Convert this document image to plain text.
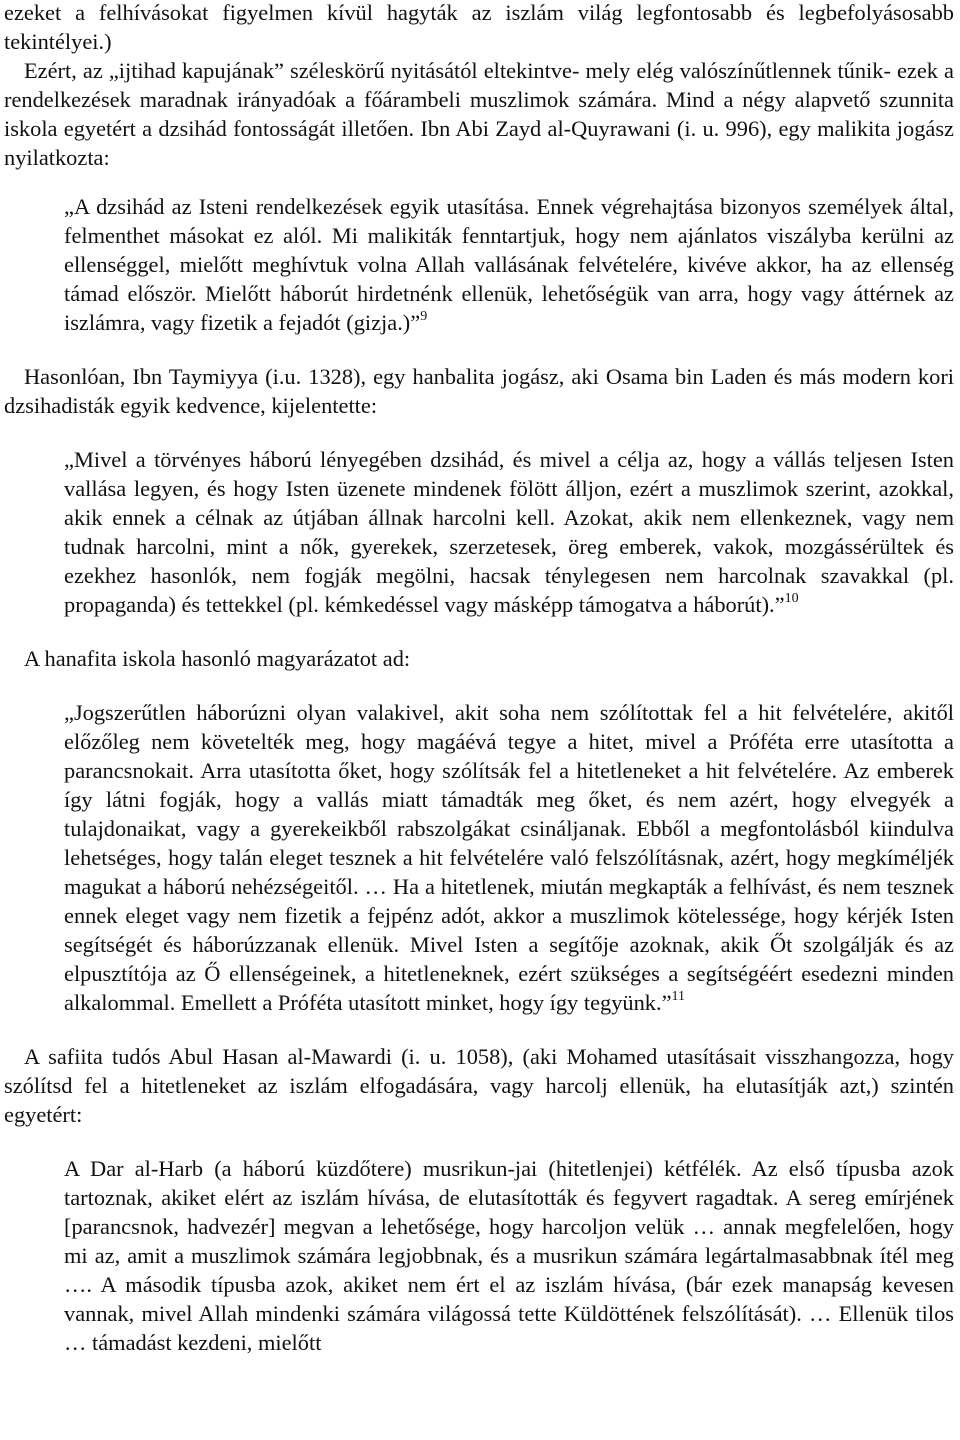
ezeket a felhívásokat figyelmen kívül hagyták az iszlám világ legfontosabb és legbefolyásosabb tekintélyei.)

Ezért, az „ijtihad kapujának” széleskörű nyitásától eltekintve- mely elég valószínűtlennek tűnik- ezek a rendelkezések maradnak irányadóak a főárambeli muszlimok számára. Mind a négy alapvető szunnita iskola egyetért a dzsihád fontosságát illetően. Ibn Abi Zayd al-Quyrawani (i. u. 996), egy malikita jogász nyilatkozta:

„A dzsihád az Isteni rendelkezések egyik utasítása. Ennek végrehajtása bizonyos személyek által, felmenthet másokat ez alól. Mi malikiták fenntartjuk, hogy nem ajánlatos viszályba kerülni az ellenséggel, mielőtt meghívtuk volna Allah vallásának felvételére, kivéve akkor, ha az ellenség támad először. Mielőtt háborút hirdetnénk ellenük, lehetőségük van arra, hogy vagy áttérnek az iszlámra, vagy fizetik a fejadót (gizja.)”$^9$

Hasonlóan, Ibn Taymiyya (i.u. 1328), egy hanbalita jogász, aki Osama bin Laden és más modern kori dzsihadisták egyik kedvence, kijelentette:

„Mivel a törvényes háború lényegében dzsihád, és mivel a célja az, hogy a vállás teljesen Isten vallása legyen, és hogy Isten üzenete mindenek fölött álljon, ezért a muszlimok szerint, azokkal, akik ennek a célnak az útjában állnak harcolni kell. Azokat, akik nem ellenkeznek, vagy nem tudnak harcolni, mint a nők, gyerekek, szerzetesek, öreg emberek, vakok, mozgássérültek és ezekhez hasonlók, nem fogják megölni, hacsak ténylegesen nem harcolnak szavakkal (pl. propaganda) és tettekkel (pl. kémkedéssel vagy másképp támogatva a háborút).”$^{10}$

A hanafita iskola hasonló magyarázatot ad:

„Jogszerűtlen háborúzni olyan valakivel, akit soha nem szólítottak fel a hit felvételére, akitől előzőleg nem követelték meg, hogy magáévá tegye a hitet, mivel a Próféta erre utasította a parancsnokait. Arra utasította őket, hogy szólítsák fel a hitetleneket a hit felvételére. Az emberek így látni fogják, hogy a vallás miatt támadták meg őket, és nem azért, hogy elvegyék a tulajdonaikat, vagy a gyerekeikből rabszolgákat csináljanak. Ebből a megfontolásból kiindulva lehetséges, hogy talán eleget tesznek a hit felvételére való felszólításnak, azért, hogy megkíméljék magukat a háború nehézségeitől. … Ha a hitetlenek, miután megkapták a felhívást, és nem tesznek ennek eleget vagy nem fizetik a fejpénz adót, akkor a muszlimok kötelessége, hogy kérjék Isten segítségét és háborúzzanak ellenük. Mivel Isten a segítője azoknak, akik Őt szolgálják és az elpusztítója az Ő ellenségeinek, a hitetleneknek, ezért szükséges a segítségéért esedezni minden alkalommal. Emellett a Próféta utasított minket, hogy így tegyünk.”$^{11}$

A safiita tudós Abul Hasan al-Mawardi (i. u. 1058), (aki Mohamed utasításait visszhangozza, hogy szólítsd fel a hitetleneket az iszlám elfogadására, vagy harcolj ellenük, ha elutasítják azt,) szintén egyetért:

A Dar al-Harb (a háború küzdőtere) musrikun-jai (hitetlenjei) kétfélék. Az első típusba azok tartoznak, akiket elért az iszlám hívása, de elutasították és fegyvert ragadtak. A sereg emírjének [parancsnok, hadvezér] megvan a lehetősége, hogy harcoljon velük … annak megfelelően, hogy mi az, amit a muszlimok számára legjobbnak, és a musrikun számára legártalmasabbnak ítél meg …. A második típusba azok, akiket nem ért el az iszlám hívása, (bár ezek manapság kevesen vannak, mivel Allah mindenki számára világossá tette Küldöttének felszólítását). … Ellenük tilos … támadást kezdeni, mielőtt
